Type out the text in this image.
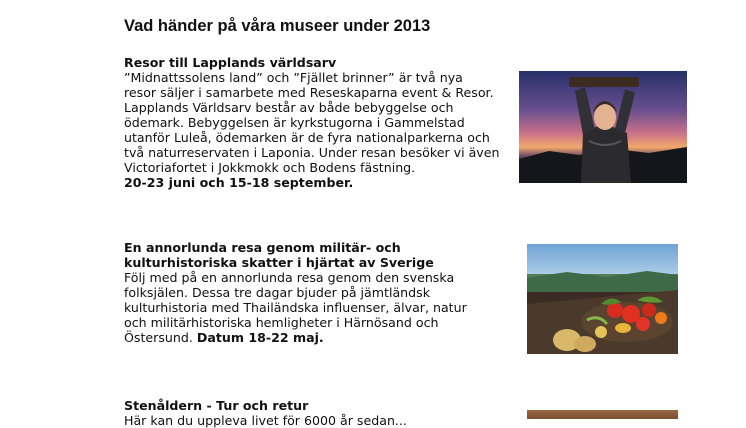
Vad händer på våra museer under 2013

Resor till Lapplands världsarv

”Midnattssolens land” och ”Fjället brinner” är två nya
resor säljer i samarbete med Reseskaparna event & Resor.
Lapplands Världsarv består av både bebyggelse och
ödemark. Bebyggelsen är kyrkstugorna i Gammelstad
utanför Luleå, ödemarken är de fyra nationalparkerna och
två naturreservaten i Laponia. Under resan besöker vi även
Victoriafortet i Jokkmokk och Bodens fästning.
20-23 juni och 15-18 september.

En annorlunda resa genom militär- och
kulturhistoriska skatter i hjärtat av Sverige

Följ med på en annorlunda resa genom den svenska
folksjälen. Dessa tre dagar bjuder på jämtländsk
kulturhistoria med Thailändska influenser, älvar, natur
och militärhistoriska hemligheter i Härnösand och
Östersund. Datum 18-22 maj.

Stenåldern - Tur och retur

Här kan du uppleva livet för 6000 år sedan...
